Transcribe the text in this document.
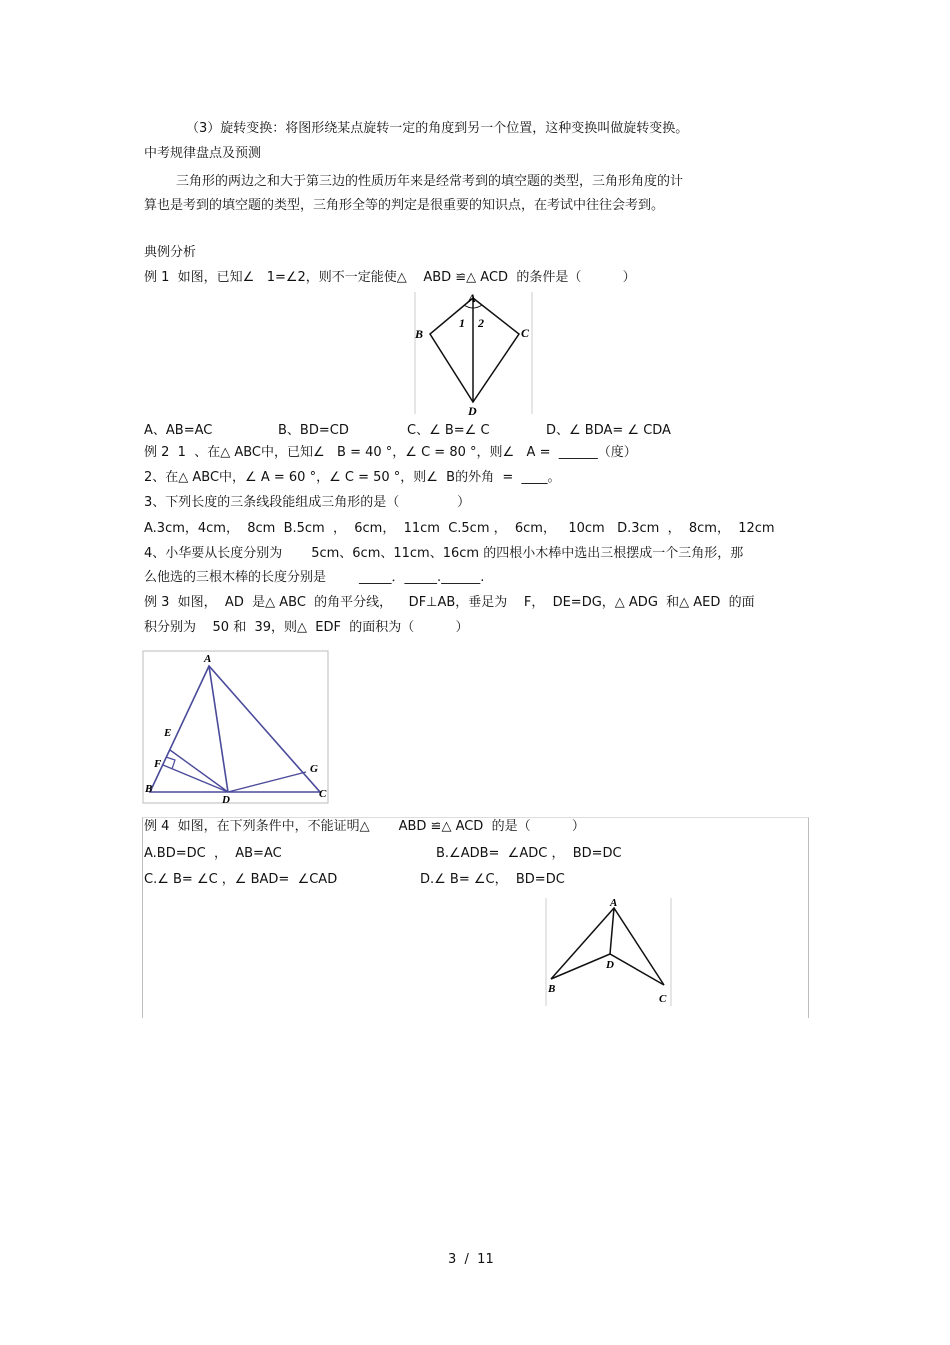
（3）旋转变换：将图形绕某点旋转一定的角度到另一个位置，这种变换叫做旋转变换。
中考规律盘点及预测
三角形的两边之和大于第三边的性质历年来是经常考到的填空题的类型，三角形角度的计
算也是考到的填空题的类型，三角形全等的判定是很重要的知识点，在考试中往往会考到。
典例分析
例 1  如图，已知∠   1=∠2，则不一定能使△    ABD ≌△ ACD  的条件是（          ）
A
B	C
D
1 2
A、AB=AC	B、BD=CD	C、∠ B=∠ C	D、∠ BDA= ∠ CDA
例 2  1  、在△ ABC中，已知∠   B = 40 °，∠ C = 80 °，则∠   A =  ______（度）
2、在△ ABC中，∠ A = 60 °，∠ C = 50 °，则∠  B的外角  =  ____。
3、下列长度的三条线段能组成三角形的是（              ）
A.3cm，4cm，  8cm  B.5cm  ，  6cm，  11cm  C.5cm ，  6cm，   10cm   D.3cm  ，  8cm，  12cm
4、小华要从长度分别为       5cm、6cm、11cm、16cm 的四根小木棒中选出三根摆成一个三角形，那
么他选的三根木棒的长度分别是        _____．_____.______.
例 3  如图，  AD  是△ ABC  的角平分线，    DF⊥AB，垂足为    F，  DE=DG，△ ADG  和△ AED  的面
积分别为    50 和  39，则△  EDF  的面积为（          ）
A
E
F	G
B
D	C
例 4  如图，在下列条件中，不能证明△       ABD ≌△ ACD  的是（          ）
A.BD=DC  ，  AB=AC	B.∠ADB=  ∠ADC ，  BD=DC
C.∠ B= ∠C ，∠ BAD=  ∠CAD	D.∠ B= ∠C，  BD=DC
A
D
B
C
3  /  11
